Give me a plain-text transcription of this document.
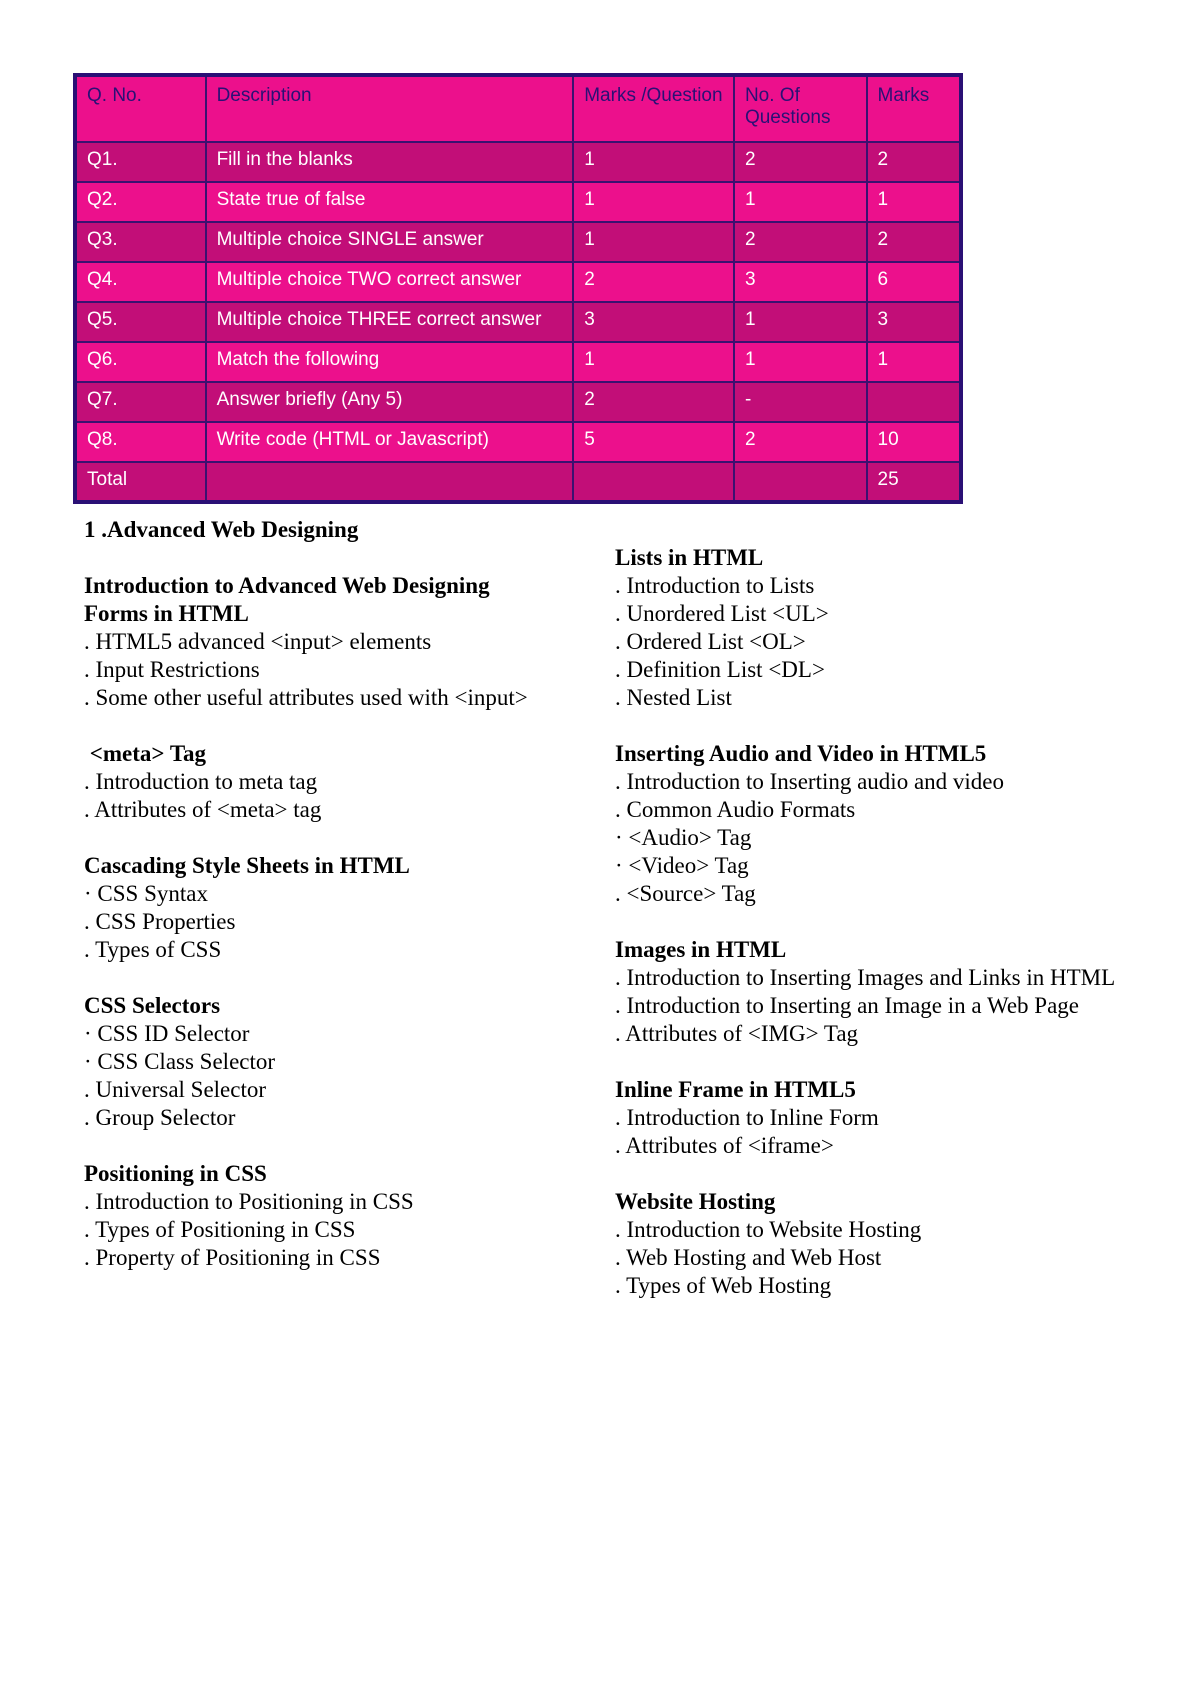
Q. No.	Description	Marks /Question	No. Of Questions	Marks
Q1.	Fill in the blanks	1	2	2
Q2.	State true of false	1	1	1
Q3.	Multiple choice SINGLE answer	1	2	2
Q4.	Multiple choice TWO correct answer	2	3	6
Q5.	Multiple choice THREE correct answer	3	1	3
Q6.	Match the following	1	1	1
Q7.	Answer briefly (Any 5)	2	-	
Q8.	Write code (HTML or Javascript)	5	2	10
Total				25
1 .Advanced Web Designing
Introduction to Advanced Web Designing
Forms in HTML
. HTML5 advanced <input> elements
. Input Restrictions
. Some other useful attributes used with <input>
<meta> Tag
. Introduction to meta tag
. Attributes of <meta> tag
Cascading Style Sheets in HTML
· CSS Syntax
. CSS Properties
. Types of CSS
CSS Selectors
· CSS ID Selector
· CSS Class Selector
. Universal Selector
. Group Selector
Positioning in CSS
. Introduction to Positioning in CSS
. Types of Positioning in CSS
. Property of Positioning in CSS
Lists in HTML
. Introduction to Lists
. Unordered List <UL>
. Ordered List <OL>
. Definition List <DL>
. Nested List
Inserting Audio and Video in HTML5
. Introduction to Inserting audio and video
. Common Audio Formats
· <Audio> Tag
· <Video> Tag
. <Source> Tag
Images in HTML
. Introduction to Inserting Images and Links in HTML
. Introduction to Inserting an Image in a Web Page
. Attributes of <IMG> Tag
Inline Frame in HTML5
. Introduction to Inline Form
. Attributes of <iframe>
Website Hosting
. Introduction to Website Hosting
. Web Hosting and Web Host
. Types of Web Hosting
